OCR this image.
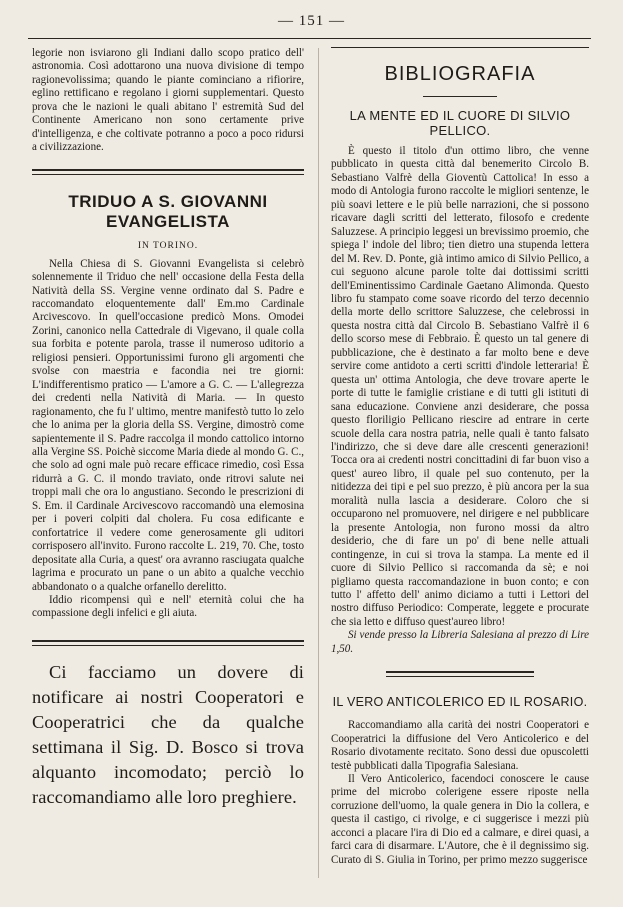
— 151 —

legorie non isviarono gli Indiani dallo scopo pratico dell' astronomia. Così adottarono una nuova divisione di tempo ragionevolissima; quando le piante cominciano a rifiorire, eglino rettificano e regolano i giorni supplementari. Questo prova che le nazioni le quali abitano l' estremità Sud del Continente Americano non sono certamente prive d'intelligenza, e che coltivate potranno a poco a poco ridursi a civilizzazione.

TRIDUO A S. GIOVANNI EVANGELISTA

IN TORINO.

Nella Chiesa di S. Giovanni Evangelista si celebrò solennemente il Triduo che nell' occasione della Festa della Natività della SS. Vergine venne ordinato dal S. Padre e raccomandato eloquentemente dall' Em.mo Cardinale Arcivescovo. In quell'occasione predicò Mons. Omodei Zorini, canonico nella Cattedrale di Vigevano, il quale colla sua forbita e potente parola, trasse il numeroso uditorio a religiosi pensieri. Opportunissimi furono gli argomenti che svolse con maestria e facondia nei tre giorni: L'indifferentismo pratico — L'amore a G. C. — L'allegrezza dei credenti nella Natività di Maria. — In questo ragionamento, che fu l' ultimo, mentre manifestò tutto lo zelo che lo anima per la gloria della SS. Vergine, dimostrò come sapientemente il S. Padre raccolga il mondo cattolico intorno alla Vergine SS. Poichè siccome Maria diede al mondo G. C., che solo ad ogni male può recare efficace rimedio, così Essa ridurrà a G. C. il mondo traviato, onde ritrovi salute nei troppi mali che ora lo angustiano. Secondo le prescrizioni di S. Em. il Cardinale Arcivescovo raccomandò una elemosina per i poveri colpiti dal cholera. Fu cosa edificante e confortatrice il vedere come generosamente gli uditori corrisposero all'invito. Furono raccolte L. 219, 70. Che, tosto depositate alla Curia, a quest' ora avranno rasciugata qualche lagrima e procurato un pane o un abito a qualche vecchio abbandonato o a qualche orfanello derelitto.

Iddio ricompensi quì e nell' eternità colui che ha compassione degli infelici e gli aiuta.

Ci facciamo un dovere di notificare ai nostri Cooperatori e Cooperatrici che da qualche settimana il Sig. D. Bosco si trova alquanto incomodato; perciò lo raccomandiamo alle loro preghiere.

BIBLIOGRAFIA

LA MENTE ED IL CUORE DI SILVIO PELLICO.

È questo il titolo d'un ottimo libro, che venne pubblicato in questa città dal benemerito Circolo B. Sebastiano Valfrè della Gioventù Cattolica! In esso a modo di Antologia furono raccolte le migliori sentenze, le più soavi lettere e le più belle narrazioni, che si possono ricavare dagli scritti del letterato, filosofo e credente Saluzzese. A principio leggesi un brevissimo proemio, che spiega l' indole del libro; tien dietro una stupenda lettera del M. Rev. D. Ponte, già intimo amico di Silvio Pellico, a cui seguono alcune parole tolte dai dottissimi scritti dell'Eminentissimo Cardinale Gaetano Alimonda. Questo libro fu stampato come soave ricordo del terzo decennio della morte dello scrittore Saluzzese, che celebrossi in questa nostra città dal Circolo B. Sebastiano Valfrè il 6 dello scorso mese di Febbraio. È questo un tal genere di pubblicazione, che è destinato a far molto bene e deve servire come antidoto a certi scritti d'indole letteraria! È questa un' ottima Antologia, che deve trovare aperte le porte di tutte le famiglie cristiane e di tutti gli istituti di sana educazione. Conviene anzi desiderare, che possa questo floriligio Pellicano riescire ad entrare in certe scuole della cara nostra patria, nelle quali è tanto falsato l'indirizzo, che si deve dare alle crescenti generazioni! Tocca ora ai credenti nostri concittadini di far buon viso a quest' aureo libro, il quale pel suo contenuto, per la nitidezza dei tipi e pel suo prezzo, è più ancora per la sua moralità nulla lascia a desiderare. Coloro che si occuparono nel promuovere, nel dirigere e nel pubblicare la presente Antologia, non furono mossi da altro desiderio, che di fare un po' di bene nelle attuali contingenze, in cui si trova la stampa. La mente ed il cuore di Silvio Pellico si raccomanda da sè; e noi pigliamo questa raccomandazione in buon conto; e con tutto l' affetto dell' animo diciamo a tutti i Lettori del nostro diffuso Periodico: Comperate, leggete e procurate che sia letto e diffuso quest'aureo libro!

Si vende presso la Libreria Salesiana al prezzo di Lire 1,50.

IL VERO ANTICOLERICO ED IL ROSARIO.

Raccomandiamo alla carità dei nostri Cooperatori e Cooperatrici la diffusione del Vero Anticolerico e del Rosario divotamente recitato. Sono dessi due opuscoletti testè pubblicati dalla Tipografia Salesiana.

Il Vero Anticolerico, facendoci conoscere le cause prime del microbo colerigene essere riposte nella corruzione dell'uomo, la quale genera in Dio la collera, e questa il castigo, ci rivolge, e ci suggerisce i mezzi più acconci a placare l'ira di Dio ed a calmare, e direi quasi, a farci cara di disarmare. L'Autore, che è il degnissimo sig. Curato di S. Giulia in Torino, per primo mezzo suggerisce
